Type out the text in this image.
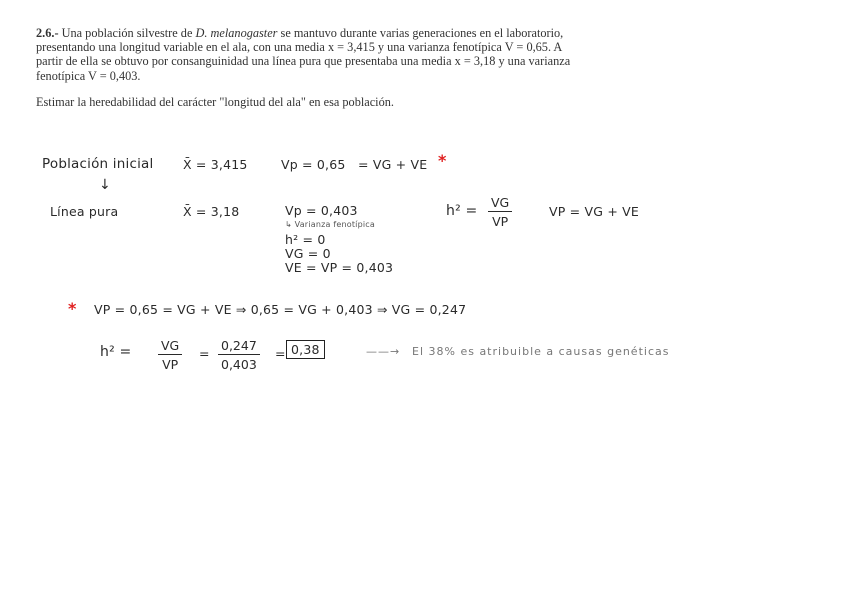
2.6.- Una población silvestre de D. melanogaster se mantuvo durante varias generaciones en el laboratorio, presentando una longitud variable en el ala, con una media x = 3,415 y una varianza fenotípica V = 0,65. A partir de ella se obtuvo por consanguinidad una línea pura que presentaba una media x = 3,18 y una varianza fenotípica V = 0,403.

Estimar la heredabilidad del carácter "longitud del ala" en esa población.

Población inicial X̄ = 3,415	Vp = 0,65 = VG + VE *
↓
Línea pura	X̄ = 3,18	Vp = 0,403
↳ Varianza fenotípica
h² = 0
VG = 0
VE = VP = 0,403
$h^2 = \frac{VG}{VP}$	VP = VG + VE
* VP = 0,65 = VG + VE ⇒ 0,65 = VG + 0,403 ⇒ VG = 0,247
$h^2 = \frac{VG}{VP} = \frac{0,247}{0,403} = 0,38$	——→ El 38% es atribuible a causas genéticas
